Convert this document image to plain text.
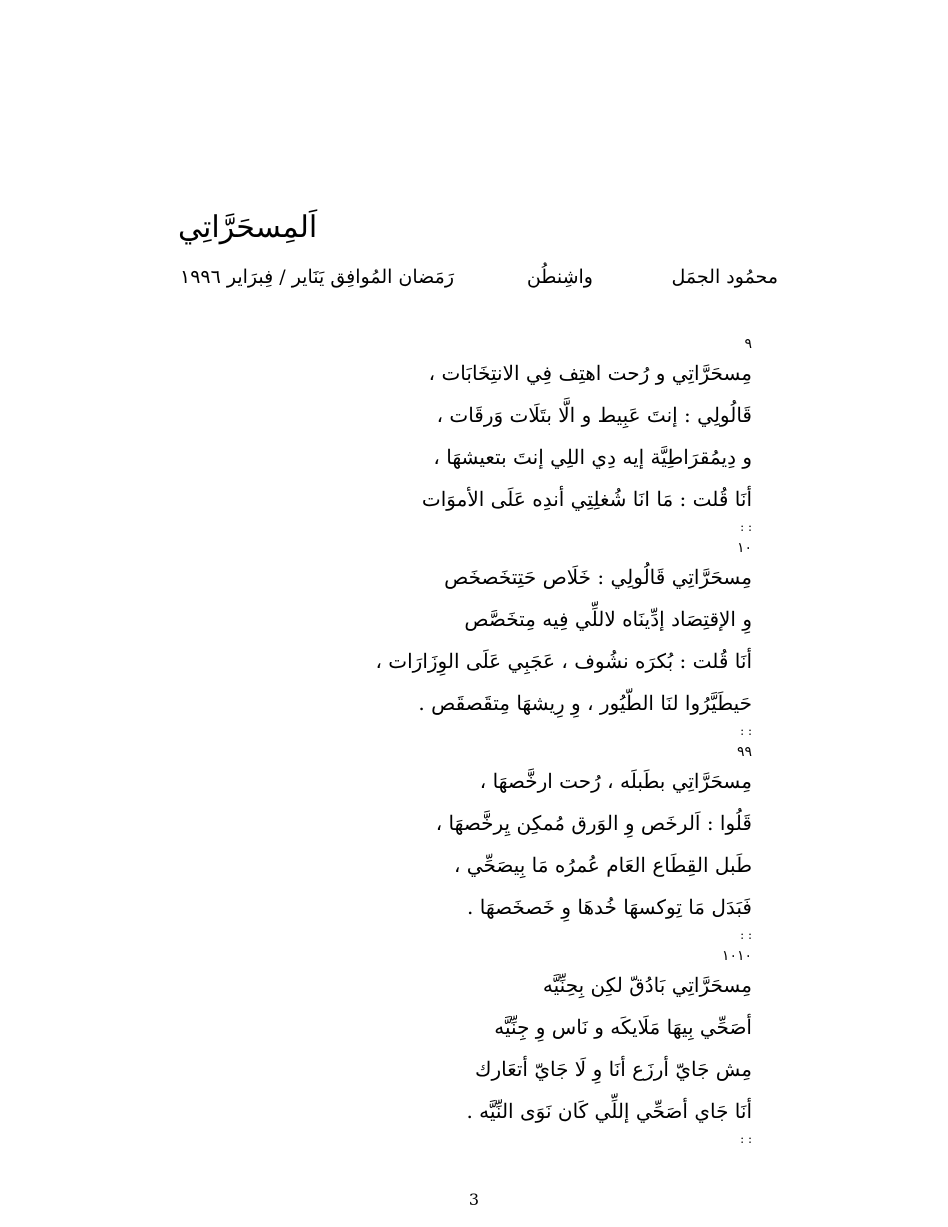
اَلمِسحَرَّاتِي
محمُود الجمَل
واشِنطُن
رَمَضان المُوافِق يَنَاير / فِبرَاير ١٩٩٦
٩
مِسحَرَّاتِي و رُحت اهتِف فِي الانتِخَابَات ،
قَالُولِي : إنتَ عَبِيط و الَّا بتَلَات وَرقَات ،
و دِيمُقرَاطِيَّة إيه دِي اللِي إنتَ بتعيشهَا ،
أنَا قُلت : مَا انَا شُغلِتِي أندِه عَلَى الأموَات
: :
١٠
مِسحَرَّاتِي قَالُولِي : خَلَاص حَتِتخَصخَص
وِ الإقتِصَاد إدِّينَاه لاللِّي فِيه مِتخَصَّص
أنَا قُلت : بُكرَه نشُوف ، عَجَبِي عَلَى الوِزَارَات ،
حَيطَيَّرُوا لنَا الطّيُور ، وِ رِيشهَا مِتقَصقَص .
: :
٩٩
مِسحَرَّاتِي بطَبلَه ، رُحت ارخَّصهَا ،
قَلُوا : اَلرخَص وِ الوَرق مُمكِن يِرخَّصهَا ،
طَبل القِطَاع العَام عُمرُه مَا بِيصَحِّي ،
فَبَدَل مَا تِوكسهَا خُدهَا وِ خَصخَصهَا .
: :
١٠١٠
مِسحَرَّاتِي بَادُقّ لكِن بِحِنِّيَّه
أصَحِّي بِيهَا مَلَايكَه و نَاس وِ جِنِّيَّه
مِش جَايّ أرزَع أنَا وِ لَا جَايّ أتعَارك
أنَا جَاي أصَحِّي إللِّي كَان نَوَى النِّيَّه .
: :
3
